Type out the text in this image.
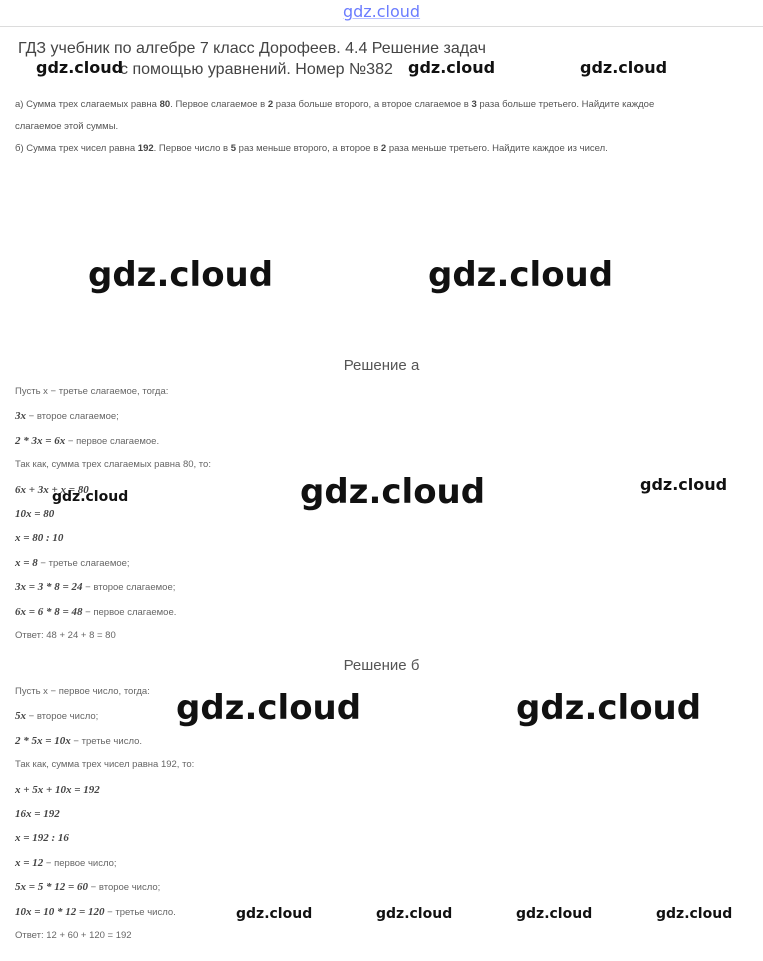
gdz.cloud
ГДЗ учебник по алгебре 7 класс Дорофеев. 4.4 Решение задач
с помощью уравнений. Номер №382
а) Сумма трех слагаемых равна 80. Первое слагаемое в 2 раза больше второго, а второе слагаемое в 3 раза больше третьего. Найдите каждое
слагаемое этой суммы.
б) Сумма трех чисел равна 192. Первое число в 5 раз меньше второго, а второе в 2 раза меньше третьего. Найдите каждое из чисел.
Решение а
Пусть x − третье слагаемое, тогда:
3x − второе слагаемое;
2 * 3x = 6x − первое слагаемое.
Так как, сумма трех слагаемых равна 80, то:
6x + 3x + x = 80
10x = 80
x = 80 : 10
x = 8 − третье слагаемое;
3x = 3 * 8 = 24 − второе слагаемое;
6x = 6 * 8 = 48 − первое слагаемое.
Ответ: 48 + 24 + 8 = 80
Решение б
Пусть x − первое число, тогда:
5x − второе число;
2 * 5x = 10x − третье число.
Так как, сумма трех чисел равна 192, то:
x + 5x + 10x = 192
16x = 192
x = 192 : 16
x = 12 − первое число;
5x = 5 * 12 = 60 − второе число;
10x = 10 * 12 = 120 − третье число.
Ответ: 12 + 60 + 120 = 192
gdz.cloud	gdz.cloud	gdz.cloud
gdz.cloud	gdz.cloud
gdz.cloud	gdz.cloud	gdz.cloud
gdz.cloud	gdz.cloud
gdz.cloud	gdz.cloud	gdz.cloud	gdz.cloud
